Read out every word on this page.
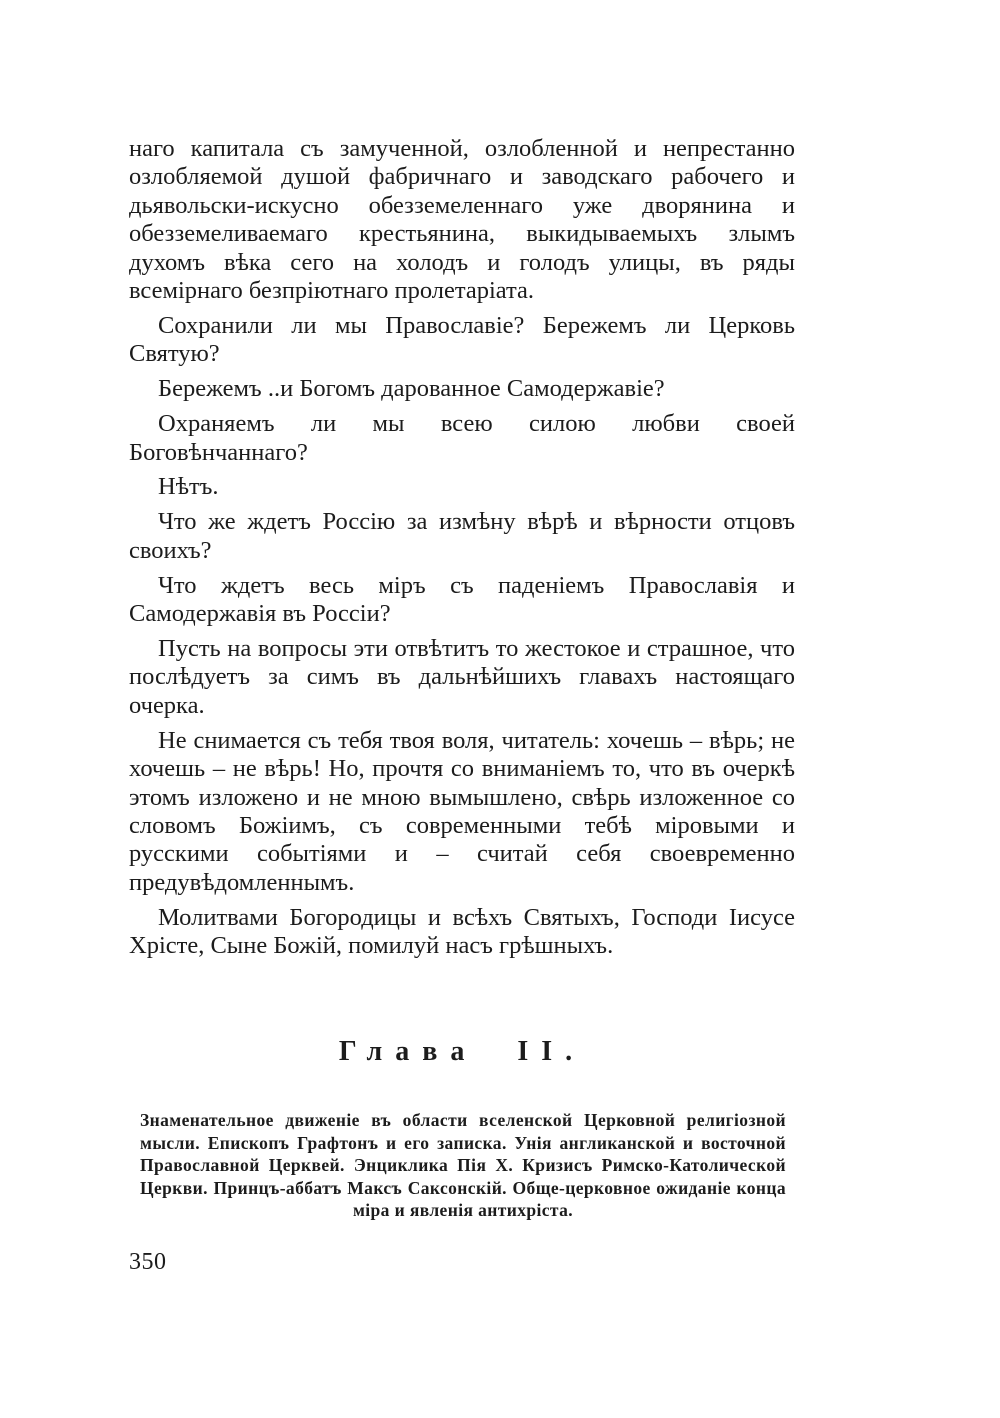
наго капитала съ замученной, озлобленной и непрестанно озлобляемой душой фабричнаго и заводскаго рабочего и дьявольски-искусно обезземеленнаго уже дворянина и обезземеливаемаго крестьянина, выкидываемыхъ злымъ духомъ вѣка сего на холодъ и голодъ улицы, въ ряды всемірнаго безпріютнаго пролетаріата.

Сохранили ли мы Православіе? Бережемъ ли Церковь Святую?

Бережемъ ..и Богомъ дарованное Самодержавіе?

Охраняемъ ли мы всею силою любви своей Боговѣнчаннаго?

Нѣтъ.

Что же ждетъ Россію за измѣну вѣрѣ и вѣрности отцовъ своихъ?

Что ждетъ весь міръ съ паденіемъ Православія и Самодержавія въ Россіи?

Пусть на вопросы эти отвѣтитъ то жестокое и страшное, что послѣдуетъ за симъ въ дальнѣйшихъ главахъ настоящаго очерка.

Не снимается съ тебя твоя воля, читатель: хочешь – вѣрь; не хочешь – не вѣрь! Но, прочтя со вниманіемъ то, что въ очеркѣ этомъ изложено и не мною вымышлено, свѣрь изложенное со словомъ Божіимъ, съ современными тебѣ міровыми и русскими событіями и – считай себя своевременно предувѣдомленнымъ.

Молитвами Богородицы и всѣхъ Святыхъ, Господи Іисусе Хрісте, Сыне Божій, помилуй насъ грѣшныхъ.

Глава  II.
Знаменательное движеніе въ области вселенской Церковной религіозной мысли. Епископъ Графтонъ и его записка. Унія англиканской и восточной Православной Церквей. Энциклика Пія X. Кризисъ Римско-Католической Церкви. Принцъ-аббатъ Максъ Саксонскій. Обще-церковное ожиданіе конца міра и явленія антихріста.
350
